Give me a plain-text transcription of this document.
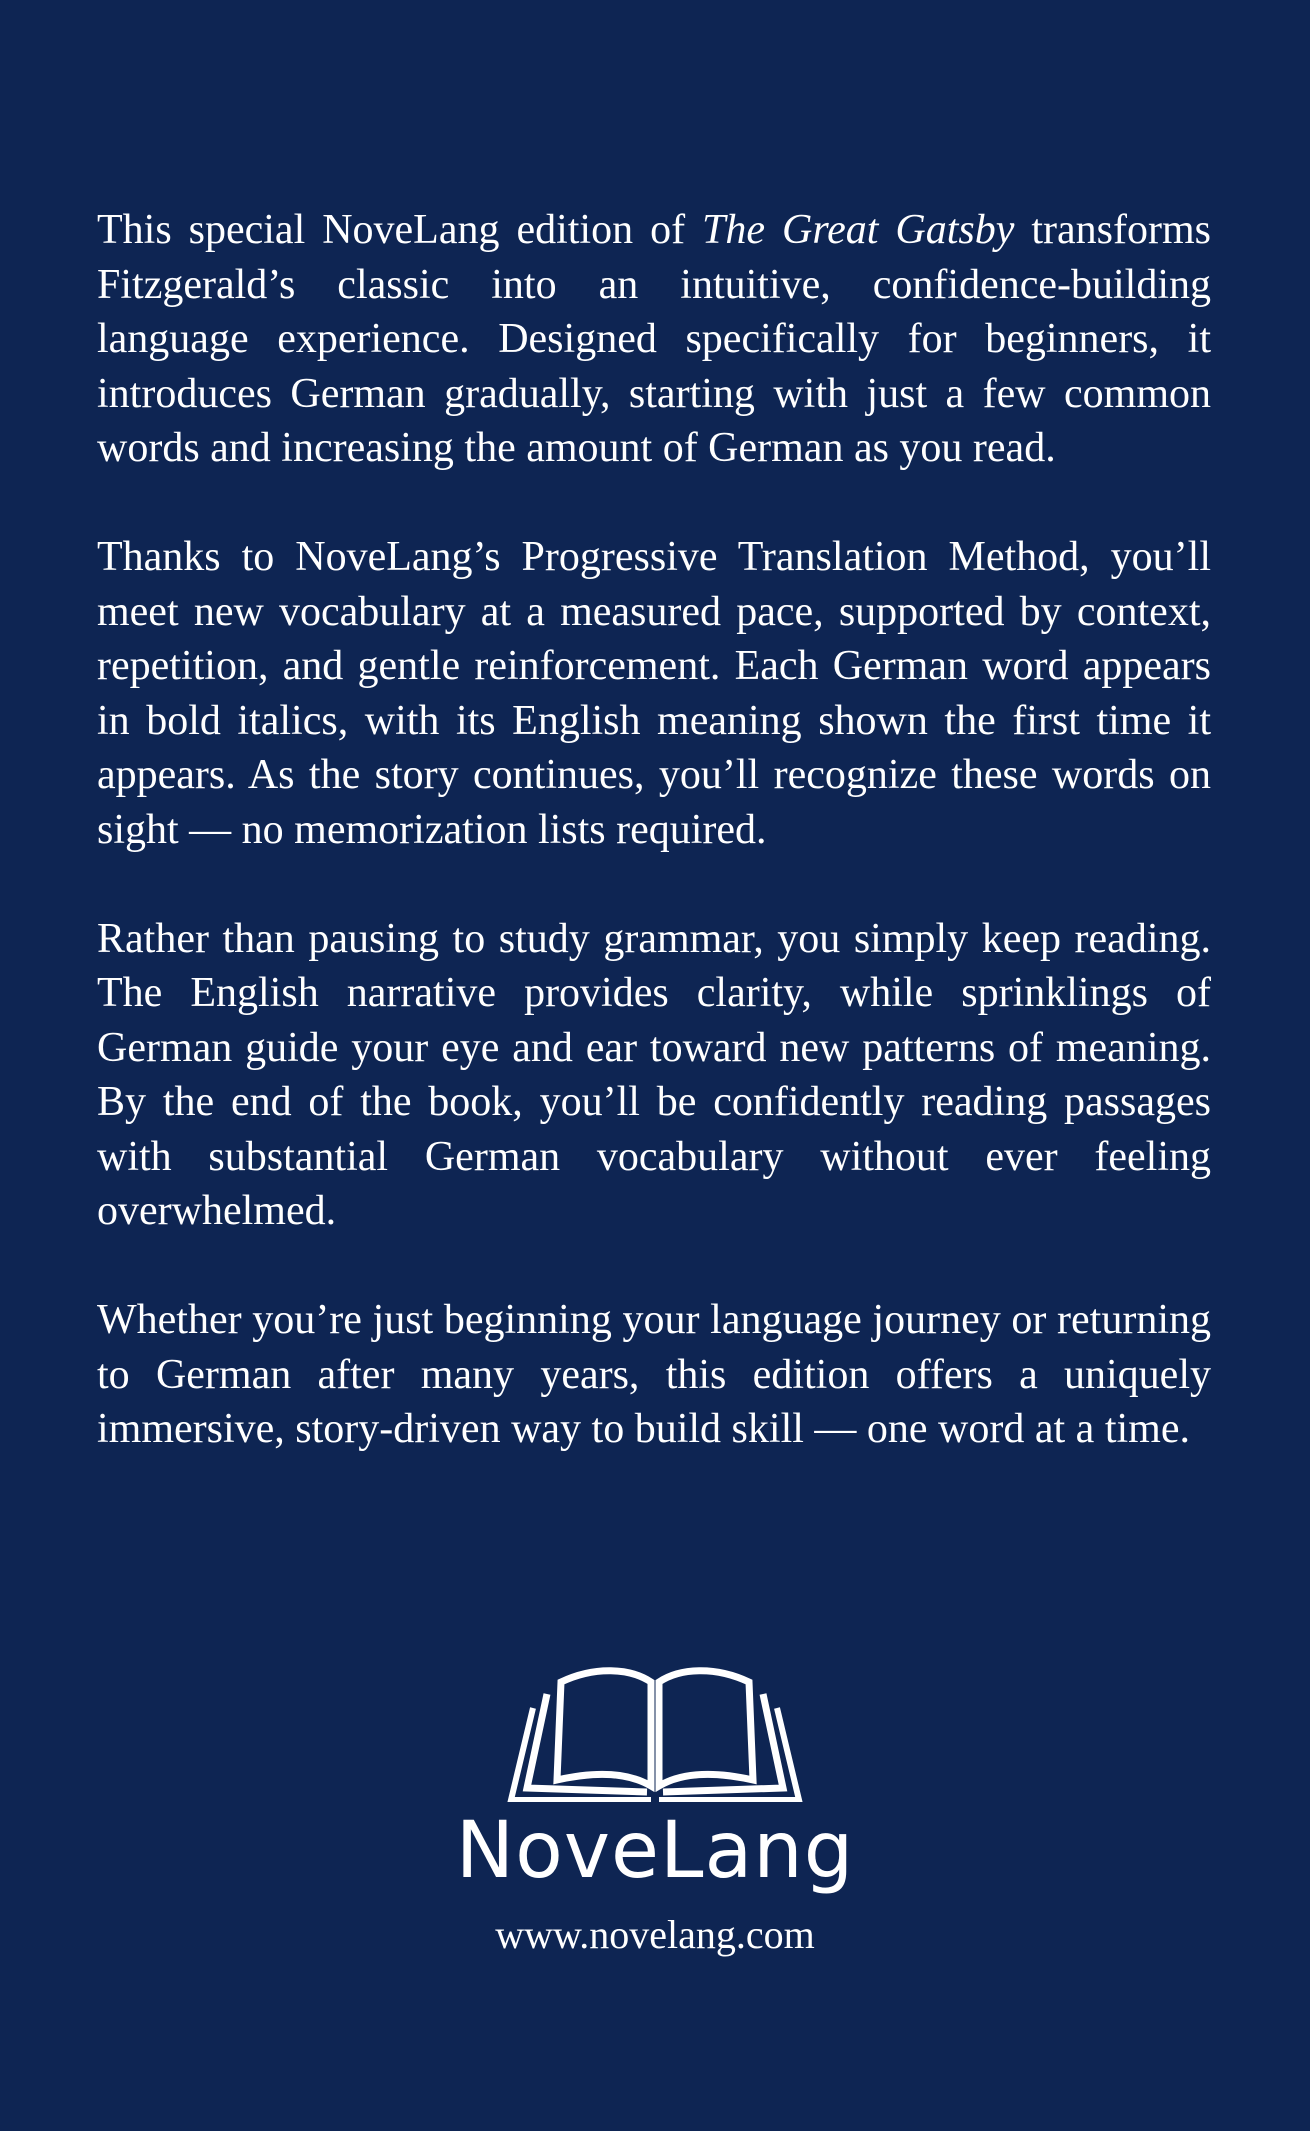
This special NoveLang edition of The Great Gatsby transforms Fitzgerald’s classic into an intuitive, confidence-building language experience. Designed specifically for beginners, it introduces German gradually, starting with just a few common words and increasing the amount of German as you read.

Thanks to NoveLang’s Progressive Translation Method, you’ll meet new vocabulary at a measured pace, supported by context, repetition, and gentle reinforcement. Each German word appears in bold italics, with its English meaning shown the first time it appears. As the story continues, you’ll recognize these words on sight — no memorization lists required.

Rather than pausing to study grammar, you simply keep reading. The English narrative provides clarity, while sprinklings of German guide your eye and ear toward new patterns of meaning. By the end of the book, you’ll be confidently reading passages with substantial German vocabulary without ever feeling overwhelmed.

Whether you’re just beginning your language journey or returning to German after many years, this edition offers a uniquely immersive, story-driven way to build skill — one word at a time.

NoveLang
www.novelang.com
